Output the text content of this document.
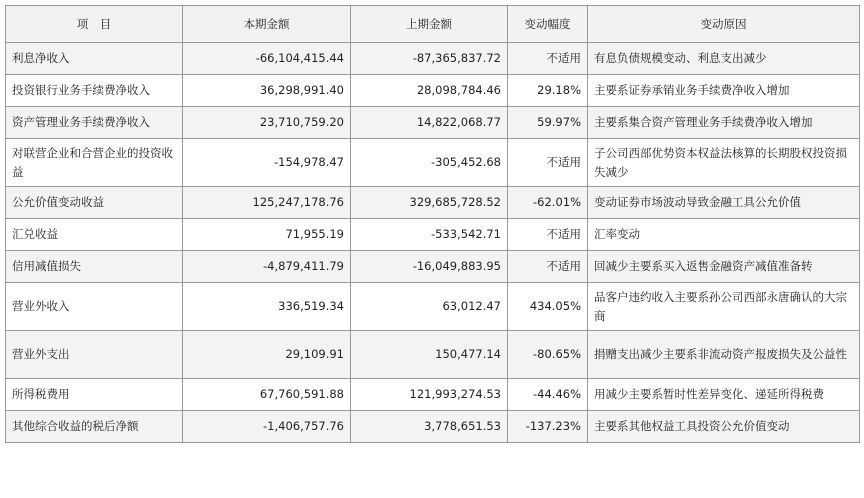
项　目	本期金额	上期金额	变动幅度	变动原因
利息净收入	-66,104,415.44	-87,365,837.72	不适用	有息负债规模变动、利息支出减少
投资银行业务手续费净收入	36,298,991.40	28,098,784.46	29.18%	主要系证券承销业务手续费净收入增加
资产管理业务手续费净收入	23,710,759.20	14,822,068.77	59.97%	主要系集合资产管理业务手续费净收入增加
对联营企业和合营企业的投资收益	-154,978.47	-305,452.68	不适用	子公司西部优势资本权益法核算的长期股权投资损失减少
公允价值变动收益	125,247,178.76	329,685,728.52	-62.01%	变动证券市场波动导致金融工具公允价值
汇兑收益	71,955.19	-533,542.71	不适用	汇率变动
信用减值损失	-4,879,411.79	-16,049,883.95	不适用	回减少主要系买入返售金融资产减值准备转
营业外收入	336,519.34	63,012.47	434.05%	品客户违约收入主要系孙公司西部永唐确认的大宗商
营业外支出	29,109.91	150,477.14	-80.65%	捐赠支出减少主要系非流动资产报废损失及公益性
所得税费用	67,760,591.88	121,993,274.53	-44.46%	用减少主要系暂时性差异变化、递延所得税费
其他综合收益的税后净额	-1,406,757.76	3,778,651.53	-137.23%	主要系其他权益工具投资公允价值变动
